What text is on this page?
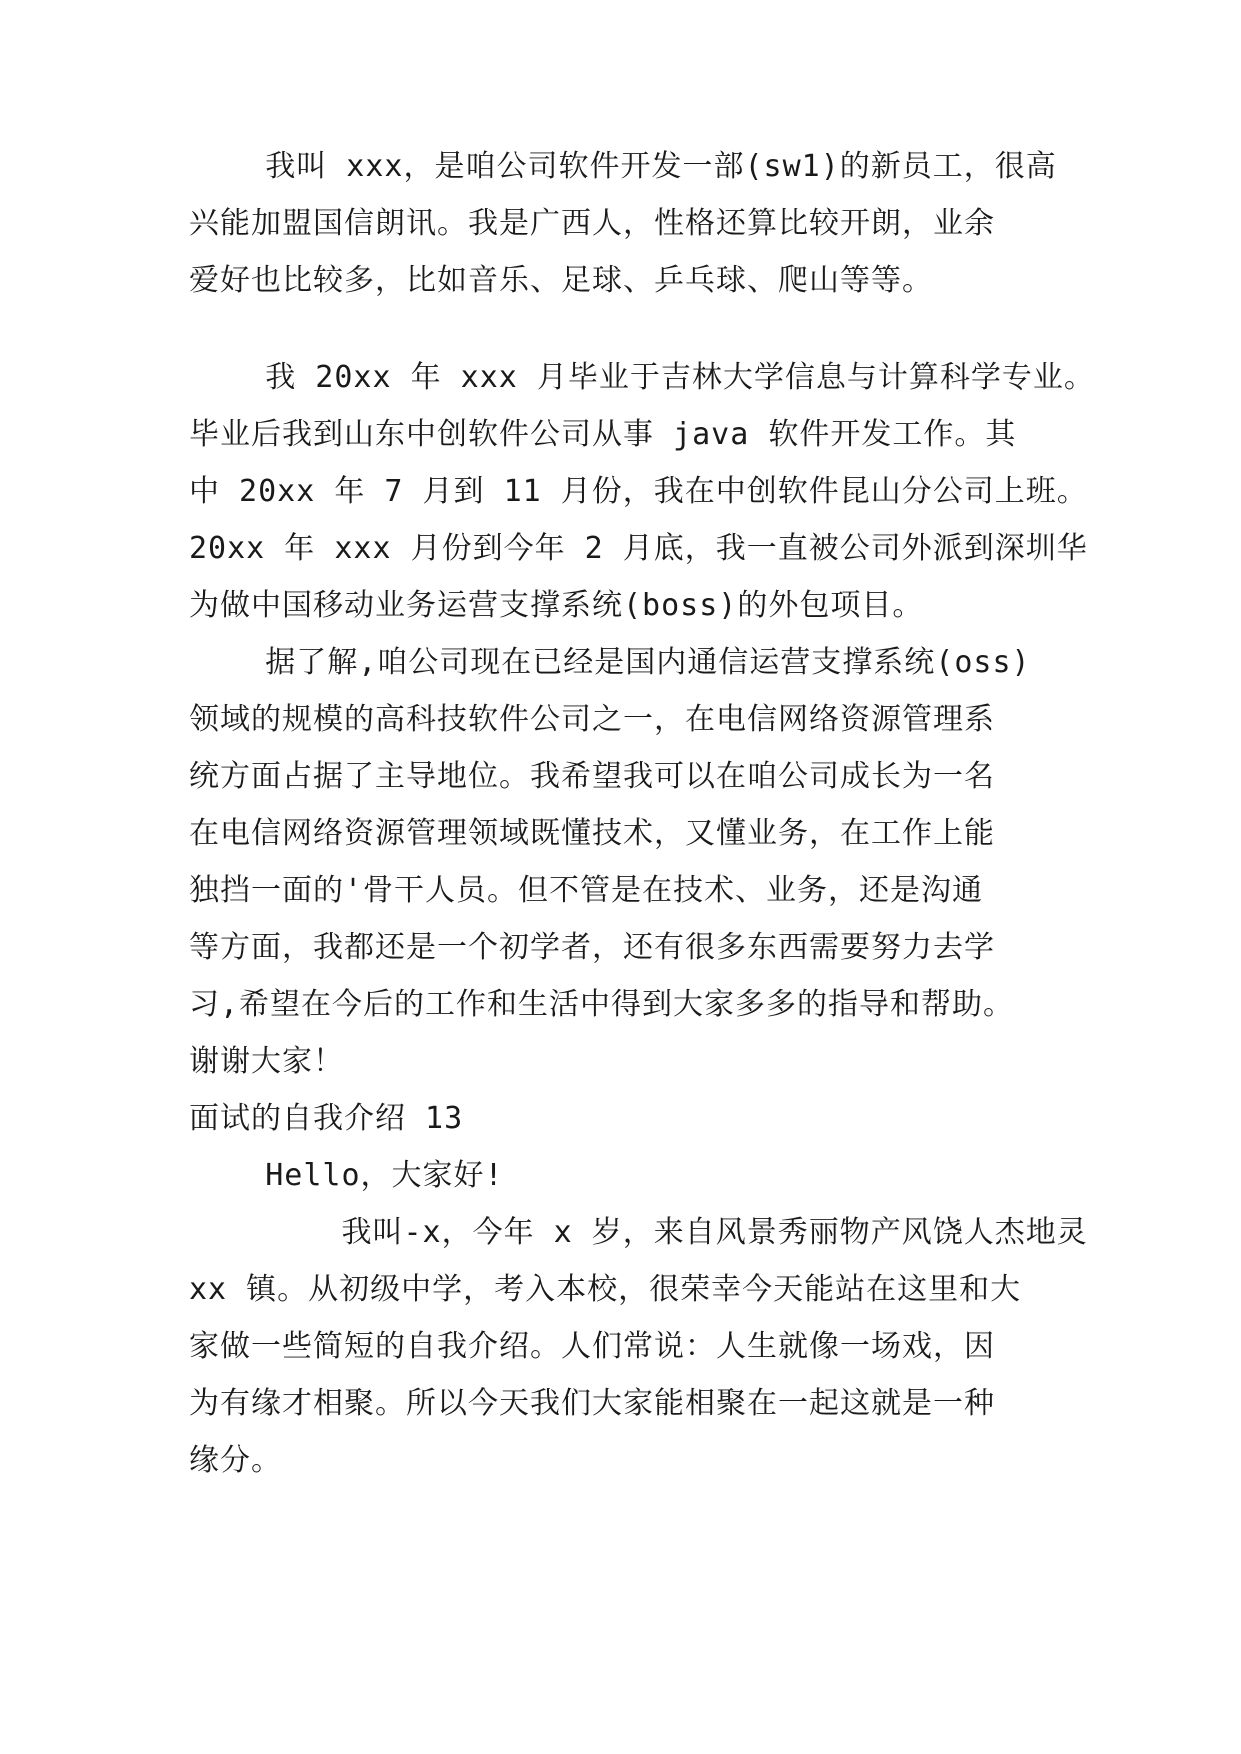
我叫 xxx，是咱公司软件开发一部(sw1)的新员工，很高
兴能加盟国信朗讯。我是广西人，性格还算比较开朗，业余
爱好也比较多，比如音乐、足球、乒乓球、爬山等等。
我 20xx 年 xxx 月毕业于吉林大学信息与计算科学专业。
毕业后我到山东中创软件公司从事 java 软件开发工作。其
中 20xx 年 7 月到 11 月份，我在中创软件昆山分公司上班。
20xx 年 xxx 月份到今年 2 月底，我一直被公司外派到深圳华
为做中国移动业务运营支撑系统(boss)的外包项目。
据了解,咱公司现在已经是国内通信运营支撑系统(oss)
领域的规模的高科技软件公司之一，在电信网络资源管理系
统方面占据了主导地位。我希望我可以在咱公司成长为一名
在电信网络资源管理领域既懂技术，又懂业务，在工作上能
独挡一面的'骨干人员。但不管是在技术、业务，还是沟通
等方面，我都还是一个初学者，还有很多东西需要努力去学
习,希望在今后的工作和生活中得到大家多多的指导和帮助。
谢谢大家！
面试的自我介绍 13
Hello，大家好!
我叫-x，今年 x 岁，来自风景秀丽物产风饶人杰地灵
xx 镇。从初级中学，考入本校，很荣幸今天能站在这里和大
家做一些简短的自我介绍。人们常说：人生就像一场戏，因
为有缘才相聚。所以今天我们大家能相聚在一起这就是一种
缘分。
